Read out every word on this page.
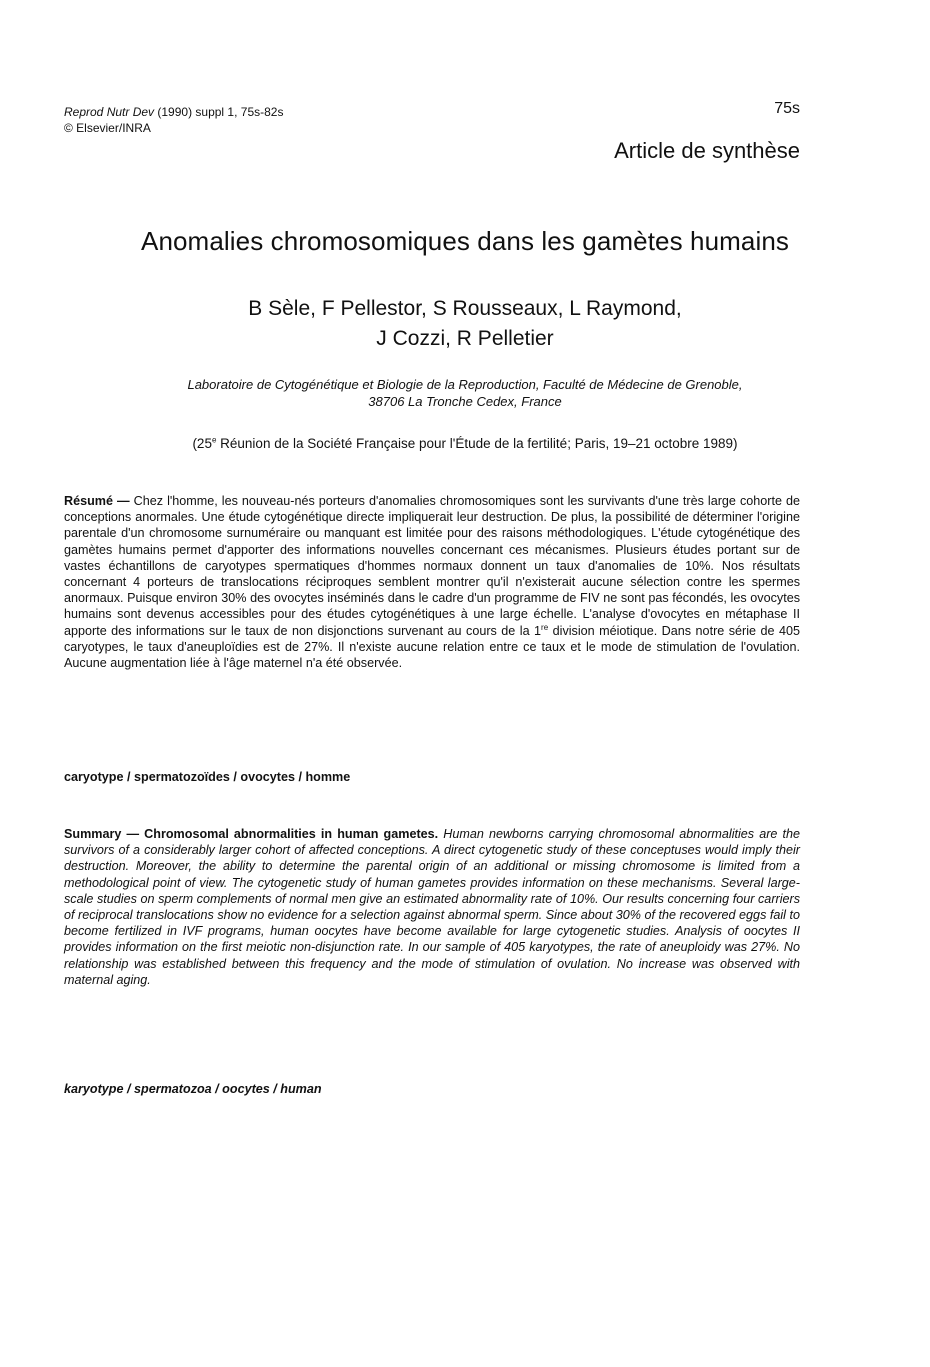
Reprod Nutr Dev (1990) suppl 1, 75s-82s
© Elsevier/INRA
75s
Article de synthèse
Anomalies chromosomiques dans les gamètes humains
B Sèle, F Pellestor, S Rousseaux, L Raymond,
J Cozzi, R Pelletier
Laboratoire de Cytogénétique et Biologie de la Reproduction, Faculté de Médecine de Grenoble,
38706 La Tronche Cedex, France
(25e Réunion de la Société Française pour l'Étude de la fertilité; Paris, 19–21 octobre 1989)
Résumé — Chez l'homme, les nouveau-nés porteurs d'anomalies chromosomiques sont les survivants d'une très large cohorte de conceptions anormales. Une étude cytogénétique directe impliquerait leur destruction. De plus, la possibilité de déterminer l'origine parentale d'un chromosome surnuméraire ou manquant est limitée pour des raisons méthodologiques. L'étude cytogénétique des gamètes humains permet d'apporter des informations nouvelles concernant ces mécanismes. Plusieurs études portant sur de vastes échantillons de caryotypes spermatiques d'hommes normaux donnent un taux d'anomalies de 10%. Nos résultats concernant 4 porteurs de translocations réciproques semblent montrer qu'il n'existerait aucune sélection contre les spermes anormaux. Puisque environ 30% des ovocytes inséminés dans le cadre d'un programme de FIV ne sont pas fécondés, les ovocytes humains sont devenus accessibles pour des études cytogénétiques à une large échelle. L'analyse d'ovocytes en métaphase II apporte des informations sur le taux de non disjonctions survenant au cours de la 1re division méiotique. Dans notre série de 405 caryotypes, le taux d'aneuploïdies est de 27%. Il n'existe aucune relation entre ce taux et le mode de stimulation de l'ovulation. Aucune augmentation liée à l'âge maternel n'a été observée.
caryotype / spermatozoïdes / ovocytes / homme
Summary — Chromosomal abnormalities in human gametes. Human newborns carrying chromosomal abnormalities are the survivors of a considerably larger cohort of affected conceptions. A direct cytogenetic study of these conceptuses would imply their destruction. Moreover, the ability to determine the parental origin of an additional or missing chromosome is limited from a methodological point of view. The cytogenetic study of human gametes provides information on these mechanisms. Several large-scale studies on sperm complements of normal men give an estimated abnormality rate of 10%. Our results concerning four carriers of reciprocal translocations show no evidence for a selection against abnormal sperm. Since about 30% of the recovered eggs fail to become fertilized in IVF programs, human oocytes have become available for large cytogenetic studies. Analysis of oocytes II provides information on the first meiotic non-disjunction rate. In our sample of 405 karyotypes, the rate of aneuploidy was 27%. No relationship was established between this frequency and the mode of stimulation of ovulation. No increase was observed with maternal aging.
karyotype / spermatozoa / oocytes / human
